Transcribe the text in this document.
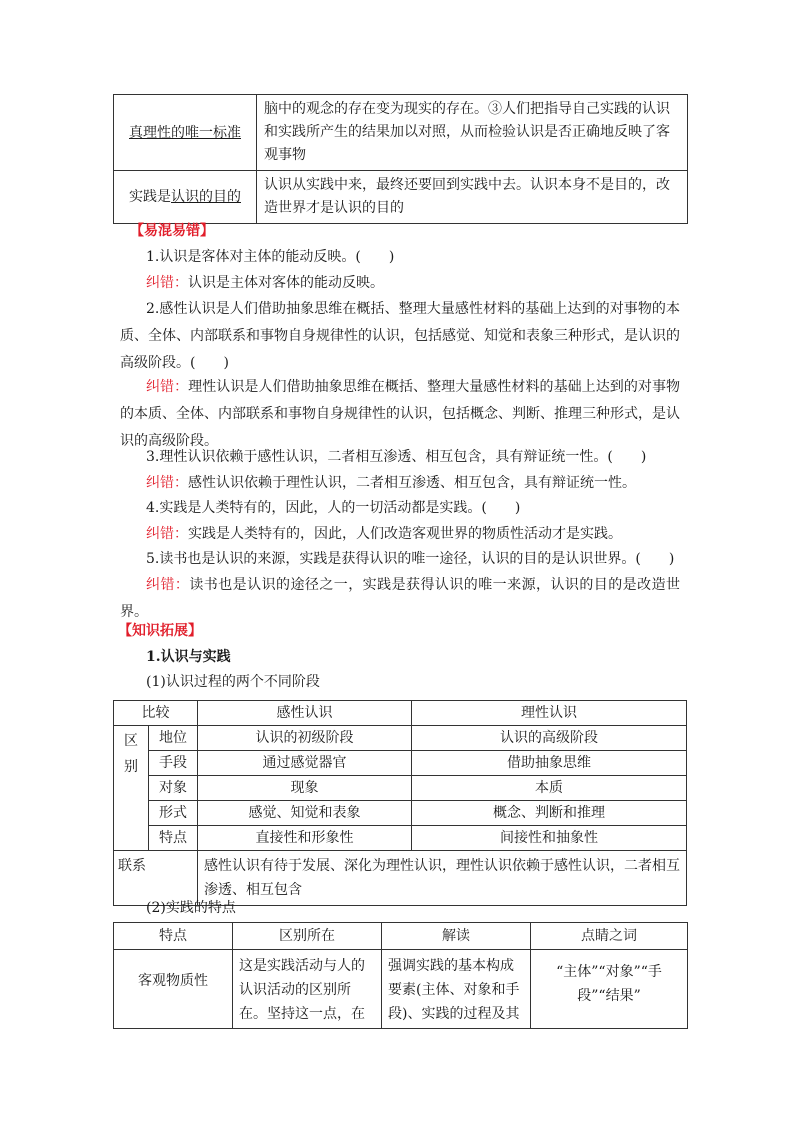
真理性的唯一标准	脑中的观念的存在变为现实的存在。③人们把指导自己实践的认识和实践所产生的结果加以对照，从而检验认识是否正确地反映了客观事物
实践是认识的目的	认识从实践中来，最终还要回到实践中去。认识本身不是目的，改造世界才是认识的目的
【易混易错】
1.认识是客体对主体的能动反映。(　　)
纠错：认识是主体对客体的能动反映。
2.感性认识是人们借助抽象思维在概括、整理大量感性材料的基础上达到的对事物的本质、全体、内部联系和事物自身规律性的认识，包括感觉、知觉和表象三种形式，是认识的高级阶段。(　　)
纠错：理性认识是人们借助抽象思维在概括、整理大量感性材料的基础上达到的对事物的本质、全体、内部联系和事物自身规律性的认识，包括概念、判断、推理三种形式，是认识的高级阶段。
3.理性认识依赖于感性认识，二者相互渗透、相互包含，具有辩证统一性。(　　)
纠错：感性认识依赖于理性认识，二者相互渗透、相互包含，具有辩证统一性。
4.实践是人类特有的，因此，人的一切活动都是实践。(　　)
纠错：实践是人类特有的，因此，人们改造客观世界的物质性活动才是实践。
5.读书也是认识的来源，实践是获得认识的唯一途径，认识的目的是认识世界。(　　)
纠错：读书也是认识的途径之一，实践是获得认识的唯一来源，认识的目的是改造世界。
【知识拓展】
1.认识与实践
(1)认识过程的两个不同阶段
比较		感性认识	理性认识
区别	地位	认识的初级阶段	认识的高级阶段
	手段	通过感觉器官	借助抽象思维
	对象	现象	本质
	形式	感觉、知觉和表象	概念、判断和推理
	特点	直接性和形象性	间接性和抽象性
联系		感性认识有待于发展、深化为理性认识，理性认识依赖于感性认识，二者相互渗透、相互包含	
(2)实践的特点
特点	区别所在	解读	点睛之词
客观物质性	这是实践活动与人的认识活动的区别所在。坚持这一点，在	强调实践的基本构成要素(主体、对象和手段)、实践的过程及其	“主体”“对象”“手段”“结果”
